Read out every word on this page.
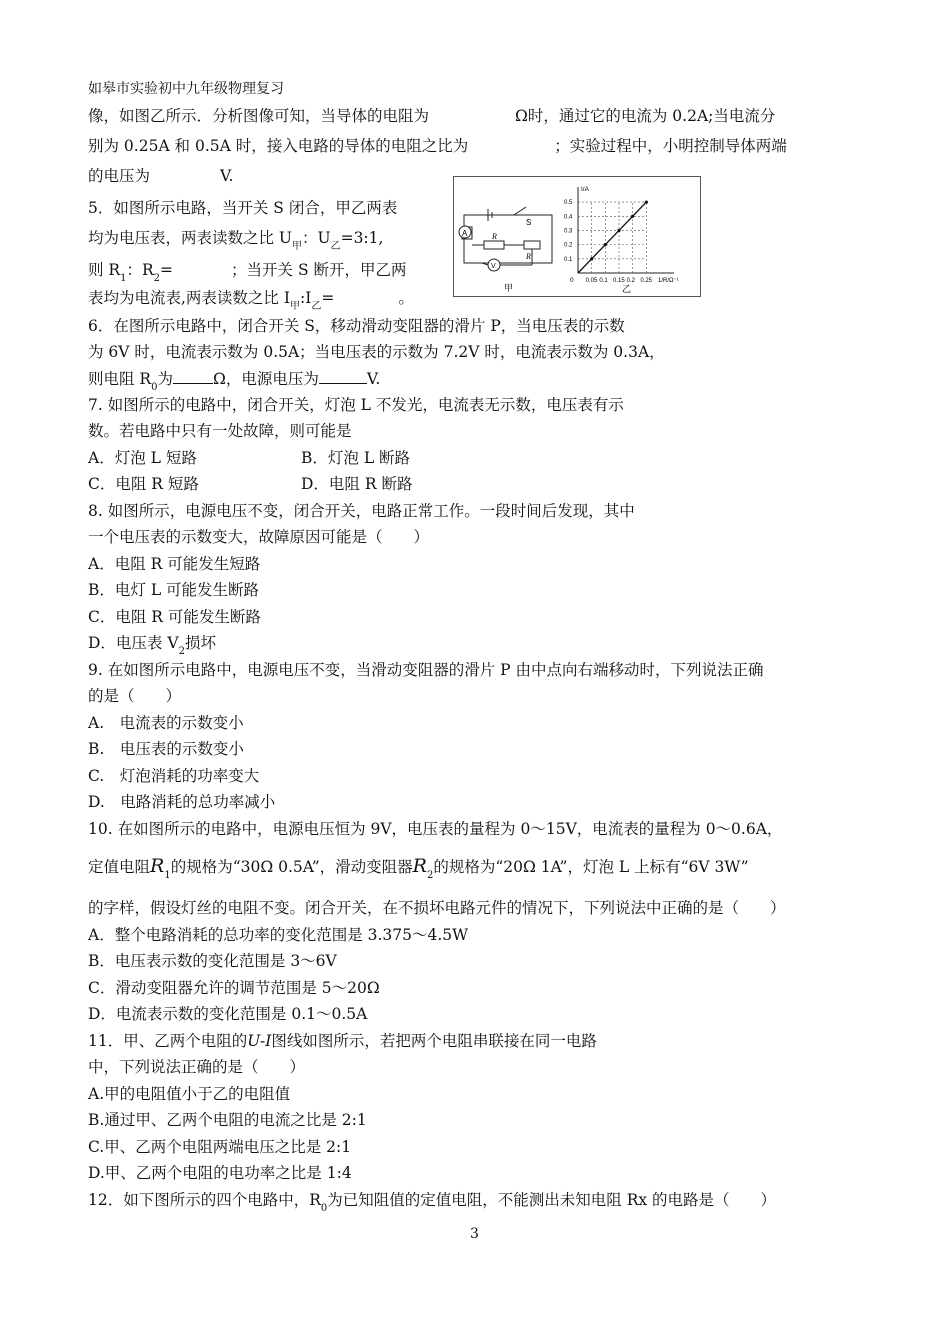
如皋市实验初中九年级物理复习
像，如图乙所示．分析图像可知，当导体的电阻为	Ω时，通过它的电流为 0.2A;当电流分
别为 0.25A 和 0.5A 时，接入电路的导体的电阻之比为	；实验过程中，小明控制导体两端
的电压为	V.
5．如图所示电路，当开关 S 闭合，甲乙两表
均为电压表，两表读数之比 $U_甲$：$U_乙=3:1$,
则 $R_1$：$R_2=$	；当开关 S 断开，甲乙两
表均为电流表,两表读数之比 $I_甲:I_乙=$	。
A
V
S
R
R'
甲
0.05 0.1 0.15 0.2 0.25
0.1
0.2
0.3
0.4
0.5
I/A
1/R/Ω⁻¹
0
乙
6．在图所示电路中，闭合开关 S，移动滑动变阻器的滑片 P，当电压表的示数
为 6V 时，电流表示数为 0.5A；当电压表的示数为 7.2V 时，电流表示数为 0.3A，
则电阻 $R_0$为	Ω，电源电压为	V.
7. 如图所示的电路中，闭合开关，灯泡 L 不发光，电流表无示数，电压表有示
数。若电路中只有一处故障，则可能是
A．灯泡 L 短路	B．灯泡 L 断路
C．电阻 R 短路	D．电阻 R 断路
8. 如图所示，电源电压不变，闭合开关，电路正常工作。一段时间后发现，其中
一个电压表的示数变大，故障原因可能是（　　）
A．电阻 R 可能发生短路
B．电灯 L 可能发生断路
C．电阻 R 可能发生断路
D．电压表 $V_2$损坏
9. 在如图所示电路中，电源电压不变，当滑动变阻器的滑片 P 由中点向右端移动时，下列说法正确
的是（　　）
A.　电流表的示数变小
B.　电压表的示数变小
C.　灯泡消耗的功率变大
D.　电路消耗的总功率减小
10. 在如图所示的电路中，电源电压恒为 9V，电压表的量程为 0～15V，电流表的量程为 0～0.6A，
定值电阻$R_1$的规格为“30Ω 0.5A”，滑动变阻器$R_2$的规格为“20Ω 1A”，灯泡 L 上标有“6V 3W”
的字样，假设灯丝的电阻不变。闭合开关，在不损坏电路元件的情况下，下列说法中正确的是（　　）
A．整个电路消耗的总功率的变化范围是 3.375～4.5W
B．电压表示数的变化范围是 3～6V
C．滑动变阻器允许的调节范围是 5～20Ω
D．电流表示数的变化范围是 0.1～0.5A
11．甲、乙两个电阻的U-I图线如图所示，若把两个电阻串联接在同一电路
中，下列说法正确的是（　　）
A.甲的电阻值小于乙的电阻值
B.通过甲、乙两个电阻的电流之比是 2:1
C.甲、乙两个电阻两端电压之比是 2:1
D.甲、乙两个电阻的电功率之比是 1:4
12．如下图所示的四个电路中，$R_0$为已知阻值的定值电阻，不能测出未知电阻 Rx 的电路是（　　）
3
